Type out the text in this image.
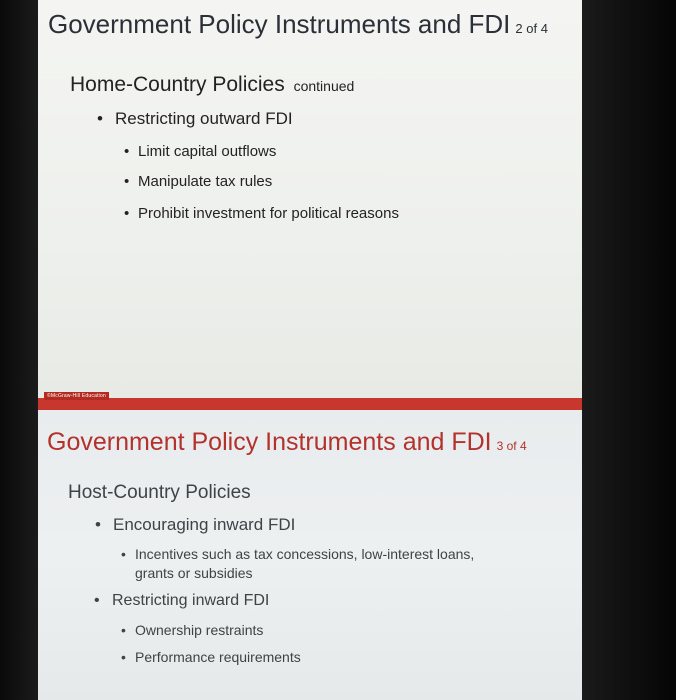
Government Policy Instruments and FDI 2 of 4
Home-Country Policies continued
• Restricting outward FDI
• Limit capital outflows
• Manipulate tax rules
• Prohibit investment for political reasons
©McGraw-Hill Education
Government Policy Instruments and FDI 3 of 4
Host-Country Policies
• Encouraging inward FDI
• Incentives such as tax concessions, low-interest loans,
grants or subsidies
• Restricting inward FDI
• Ownership restraints
• Performance requirements
